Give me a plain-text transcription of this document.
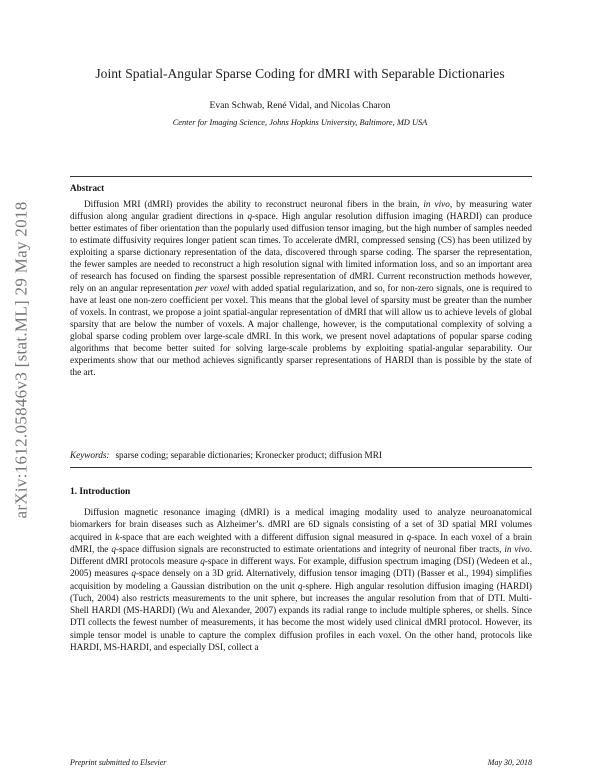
arXiv:1612.05846v3 [stat.ML] 29 May 2018
Joint Spatial-Angular Sparse Coding for dMRI with Separable Dictionaries
Evan Schwab, René Vidal, and Nicolas Charon
Center for Imaging Science, Johns Hopkins University, Baltimore, MD USA
Abstract

Diffusion MRI (dMRI) provides the ability to reconstruct neuronal fibers in the brain, in vivo, by measuring water diffusion along angular gradient directions in q-space. High angular resolution diffusion imaging (HARDI) can produce better estimates of fiber orientation than the popularly used diffusion tensor imaging, but the high number of samples needed to estimate diffusivity requires longer patient scan times. To accelerate dMRI, compressed sensing (CS) has been utilized by exploiting a sparse dictionary representation of the data, discovered through sparse coding. The sparser the representation, the fewer samples are needed to reconstruct a high resolution signal with limited information loss, and so an important area of research has focused on finding the sparsest possible representation of dMRI. Current reconstruction methods however, rely on an angular representation per voxel with added spatial regularization, and so, for non-zero signals, one is required to have at least one non-zero coefficient per voxel. This means that the global level of sparsity must be greater than the number of voxels. In contrast, we propose a joint spatial-angular representation of dMRI that will allow us to achieve levels of global sparsity that are below the number of voxels. A major challenge, however, is the computational complexity of solving a global sparse coding problem over large-scale dMRI. In this work, we present novel adaptations of popular sparse coding algorithms that become better suited for solving large-scale problems by exploiting spatial-angular separability. Our experiments show that our method achieves significantly sparser representations of HARDI than is possible by the state of the art.

Keywords: sparse coding; separable dictionaries; Kronecker product; diffusion MRI
1. Introduction

Diffusion magnetic resonance imaging (dMRI) is a medical imaging modality used to analyze neuroanatomical biomarkers for brain diseases such as Alzheimer’s. dMRI are 6D signals consisting of a set of 3D spatial MRI volumes acquired in k-space that are each weighted with a different diffusion signal measured in q-space. In each voxel of a brain dMRI, the q-space diffusion signals are reconstructed to estimate orientations and integrity of neuronal fiber tracts, in vivo. Different dMRI protocols measure q-space in different ways. For example, diffusion spectrum imaging (DSI) (Wedeen et al., 2005) measures q-space densely on a 3D grid. Alternatively, diffusion tensor imaging (DTI) (Basser et al., 1994) simplifies acquisition by modeling a Gaussian distribution on the unit q-sphere. High angular resolution diffusion imaging (HARDI) (Tuch, 2004) also restricts measurements to the unit sphere, but increases the angular resolution from that of DTI. Multi-Shell HARDI (MS-HARDI) (Wu and Alexander, 2007) expands its radial range to include multiple spheres, or shells. Since DTI collects the fewest number of measurements, it has become the most widely used clinical dMRI protocol. However, its simple tensor model is unable to capture the complex diffusion profiles in each voxel. On the other hand, protocols like HARDI, MS-HARDI, and especially DSI, collect a

Preprint submitted to Elsevier	May 30, 2018
